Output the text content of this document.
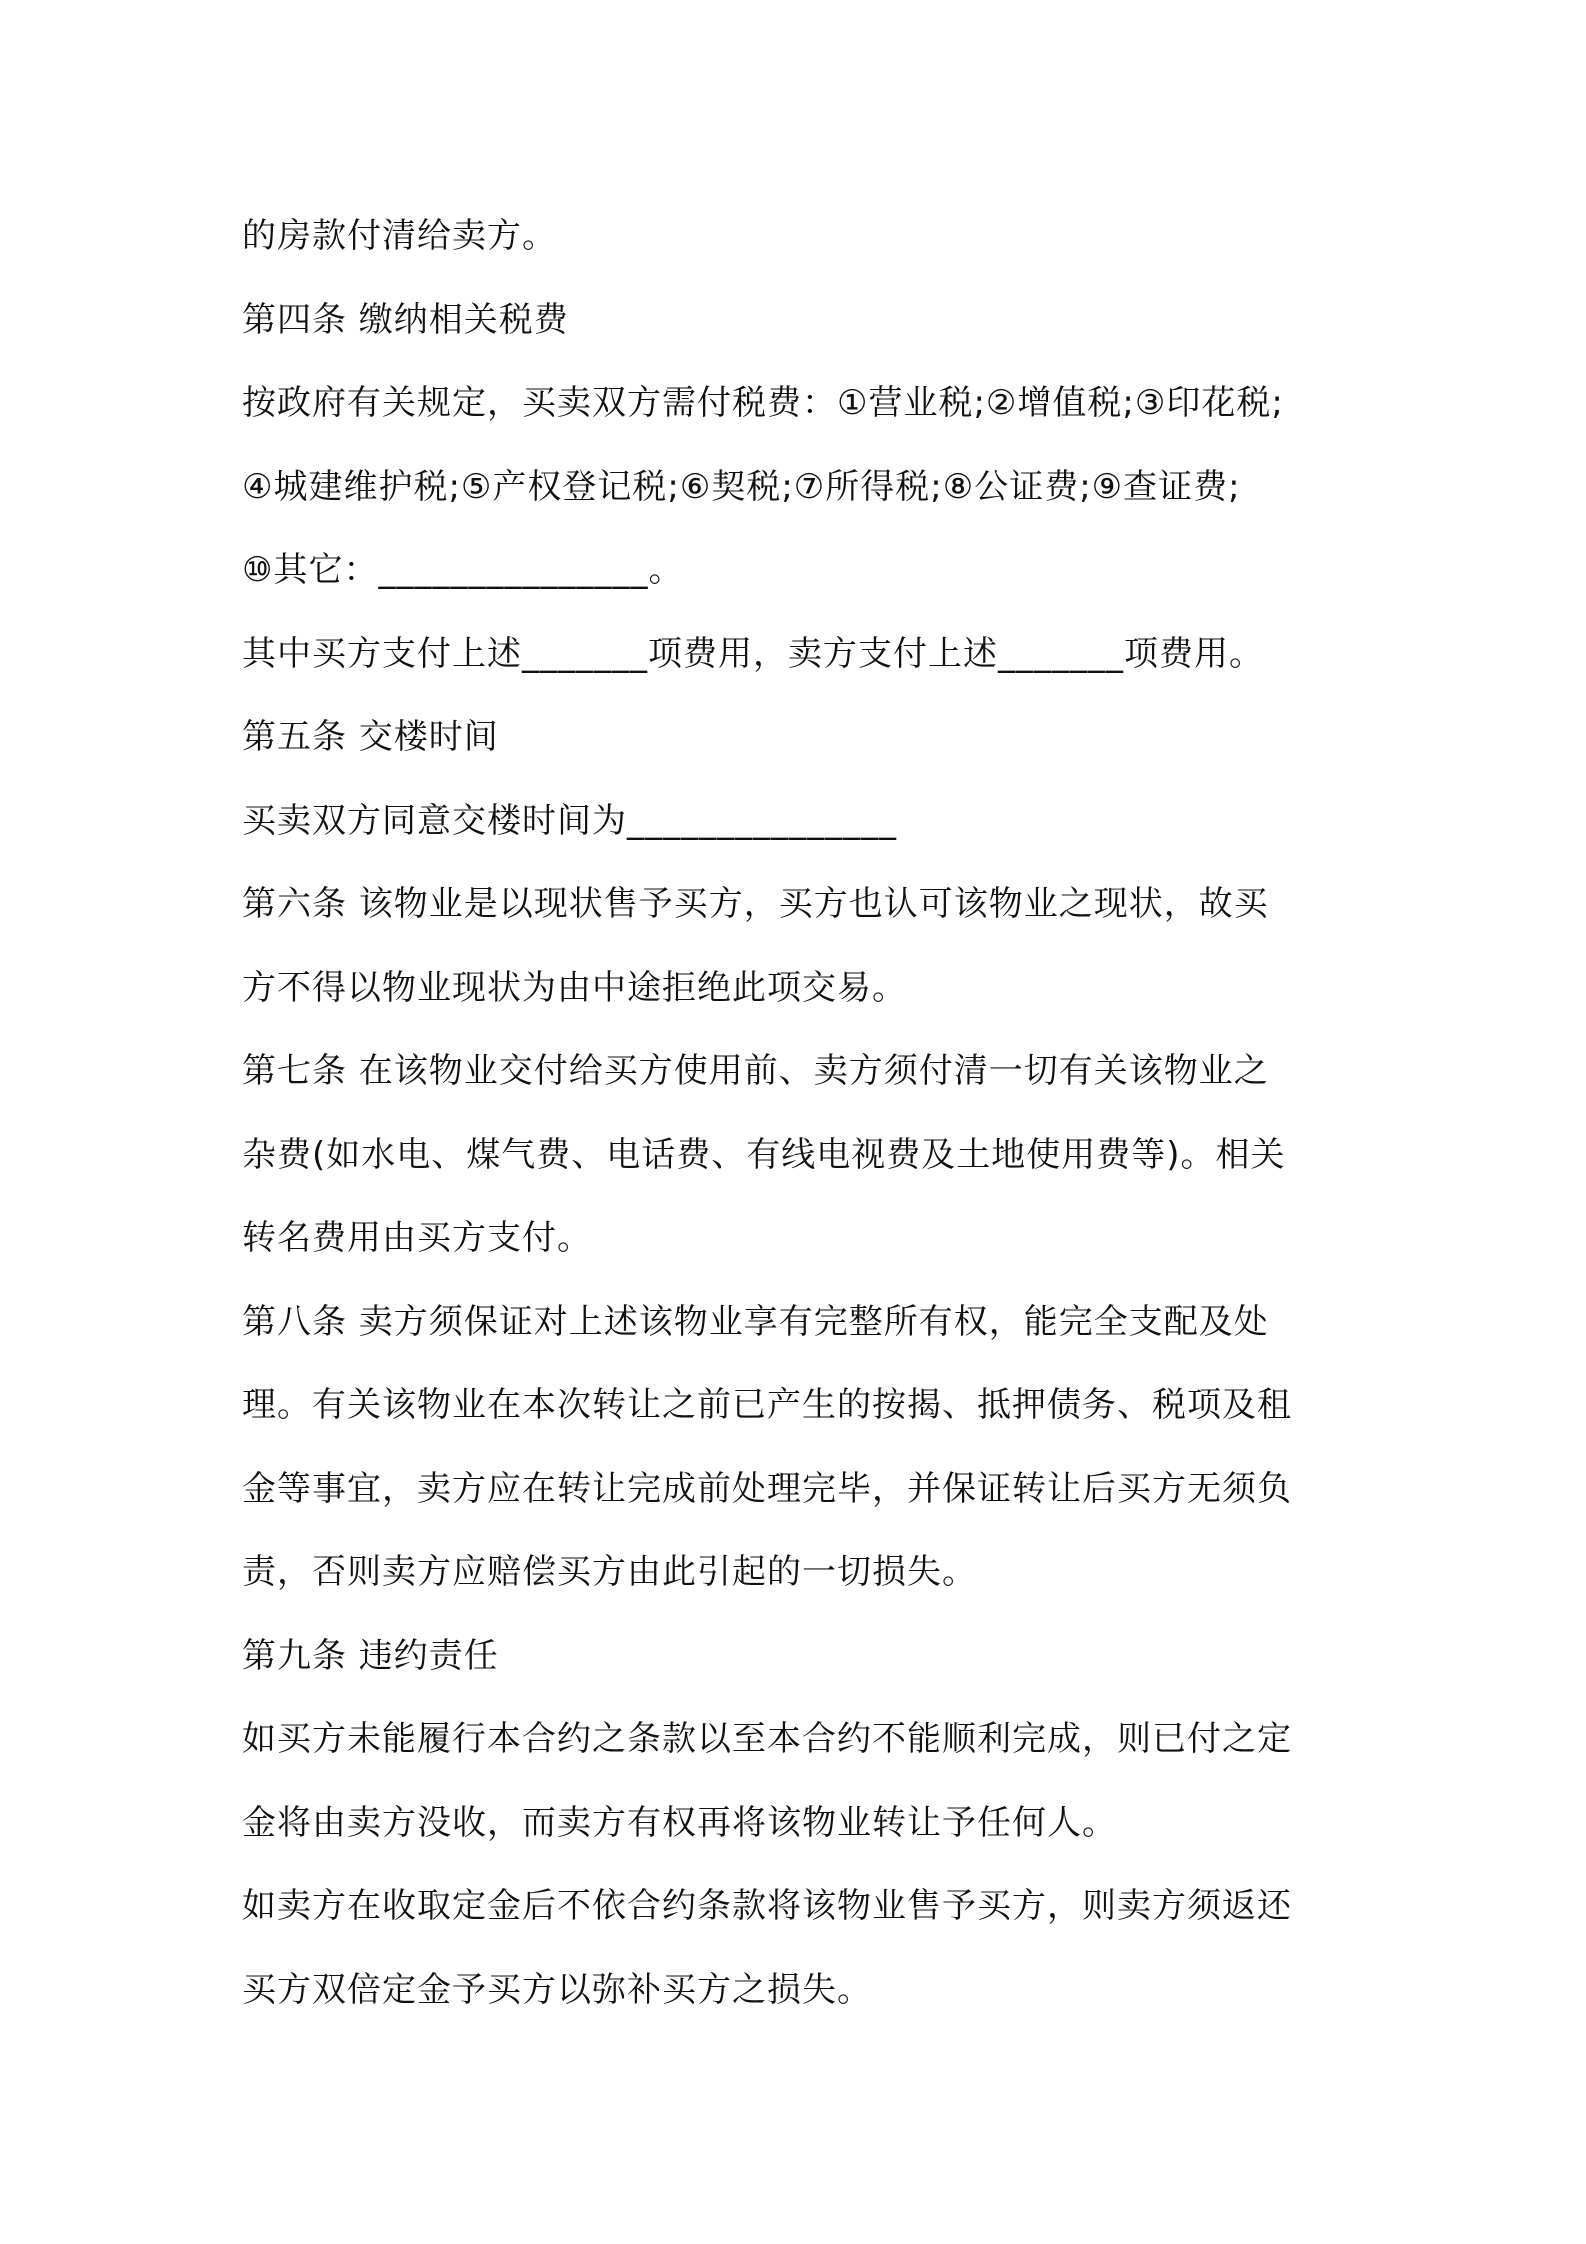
的房款付清给卖方。
第四条 缴纳相关税费
按政府有关规定，买卖双方需付税费：①营业税;②增值税;③印花税;
④城建维护税;⑤产权登记税;⑥契税;⑦所得税;⑧公证费;⑨查证费;
⑩其它：_______________。
其中买方支付上述_______项费用，卖方支付上述_______项费用。
第五条 交楼时间
买卖双方同意交楼时间为_______________
第六条 该物业是以现状售予买方，买方也认可该物业之现状，故买
方不得以物业现状为由中途拒绝此项交易。
第七条 在该物业交付给买方使用前、卖方须付清一切有关该物业之
杂费(如水电、煤气费、电话费、有线电视费及土地使用费等)。相关
转名费用由买方支付。
第八条 卖方须保证对上述该物业享有完整所有权，能完全支配及处
理。有关该物业在本次转让之前已产生的按揭、抵押债务、税项及租
金等事宜，卖方应在转让完成前处理完毕，并保证转让后买方无须负
责，否则卖方应赔偿买方由此引起的一切损失。
第九条 违约责任
如买方未能履行本合约之条款以至本合约不能顺利完成，则已付之定
金将由卖方没收，而卖方有权再将该物业转让予任何人。
如卖方在收取定金后不依合约条款将该物业售予买方，则卖方须返还
买方双倍定金予买方以弥补买方之损失。
